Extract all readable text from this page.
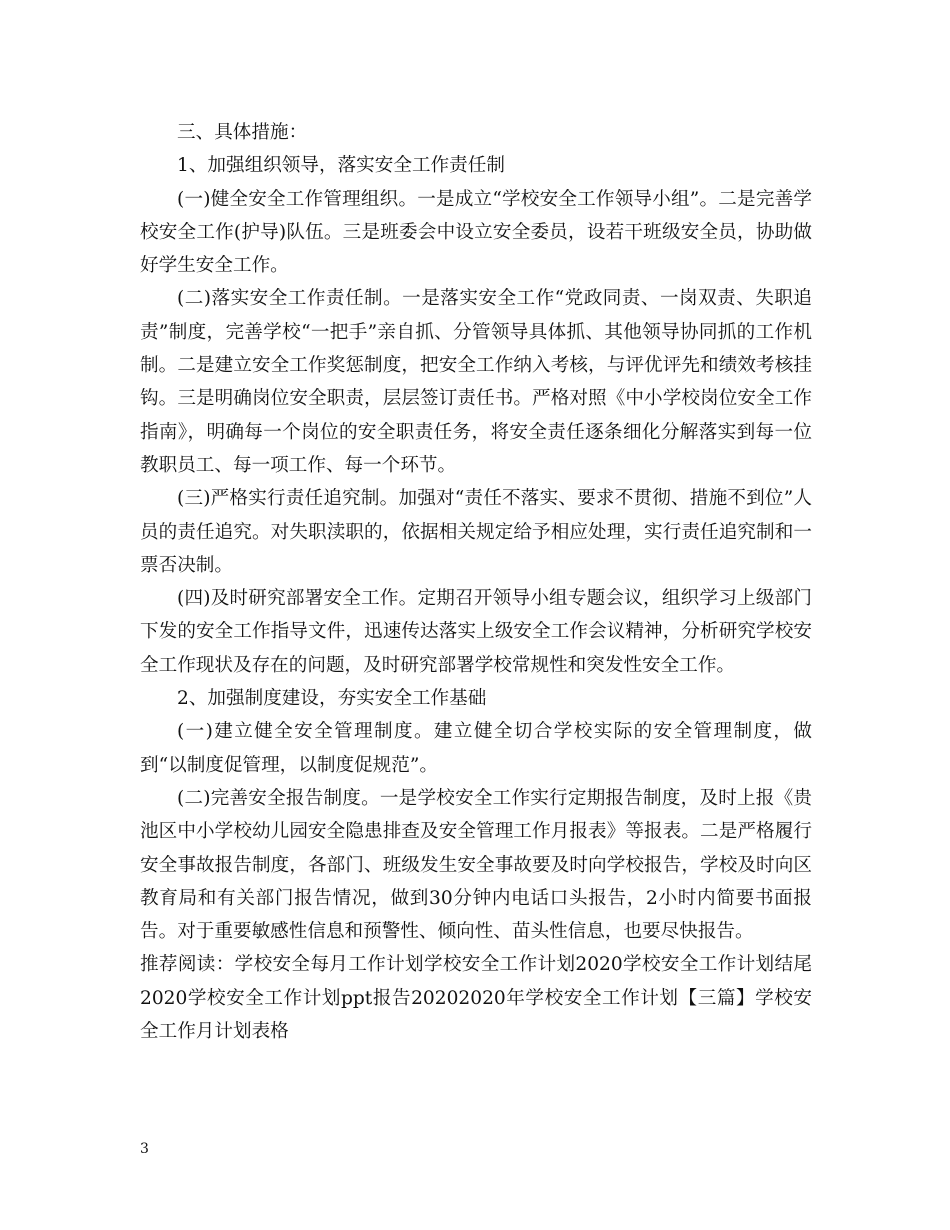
三、具体措施：

1、加强组织领导，落实安全工作责任制

(一)健全安全工作管理组织。一是成立“学校安全工作领导小组”。二是完善学校安全工作(护导)队伍。三是班委会中设立安全委员，设若干班级安全员，协助做好学生安全工作。

(二)落实安全工作责任制。一是落实安全工作“党政同责、一岗双责、失职追责”制度，完善学校“一把手”亲自抓、分管领导具体抓、其他领导协同抓的工作机制。二是建立安全工作奖惩制度，把安全工作纳入考核，与评优评先和绩效考核挂钩。三是明确岗位安全职责，层层签订责任书。严格对照《中小学校岗位安全工作指南》，明确每一个岗位的安全职责任务，将安全责任逐条细化分解落实到每一位教职员工、每一项工作、每一个环节。

(三)严格实行责任追究制。加强对“责任不落实、要求不贯彻、措施不到位”人员的责任追究。对失职渎职的，依据相关规定给予相应处理，实行责任追究制和一票否决制。

(四)及时研究部署安全工作。定期召开领导小组专题会议，组织学习上级部门下发的安全工作指导文件，迅速传达落实上级安全工作会议精神，分析研究学校安全工作现状及存在的问题，及时研究部署学校常规性和突发性安全工作。

2、加强制度建设，夯实安全工作基础

(一)建立健全安全管理制度。建立健全切合学校实际的安全管理制度，做到“以制度促管理，以制度促规范”。

(二)完善安全报告制度。一是学校安全工作实行定期报告制度，及时上报《贵池区中小学校幼儿园安全隐患排查及安全管理工作月报表》等报表。二是严格履行安全事故报告制度，各部门、班级发生安全事故要及时向学校报告，学校及时向区教育局和有关部门报告情况，做到30分钟内电话口头报告，2小时内简要书面报告。对于重要敏感性信息和预警性、倾向性、苗头性信息，也要尽快报告。

推荐阅读：学校安全每月工作计划学校安全工作计划2020学校安全工作计划结尾2020学校安全工作计划ppt报告20202020年学校安全工作计划【三篇】学校安全工作月计划表格

3
